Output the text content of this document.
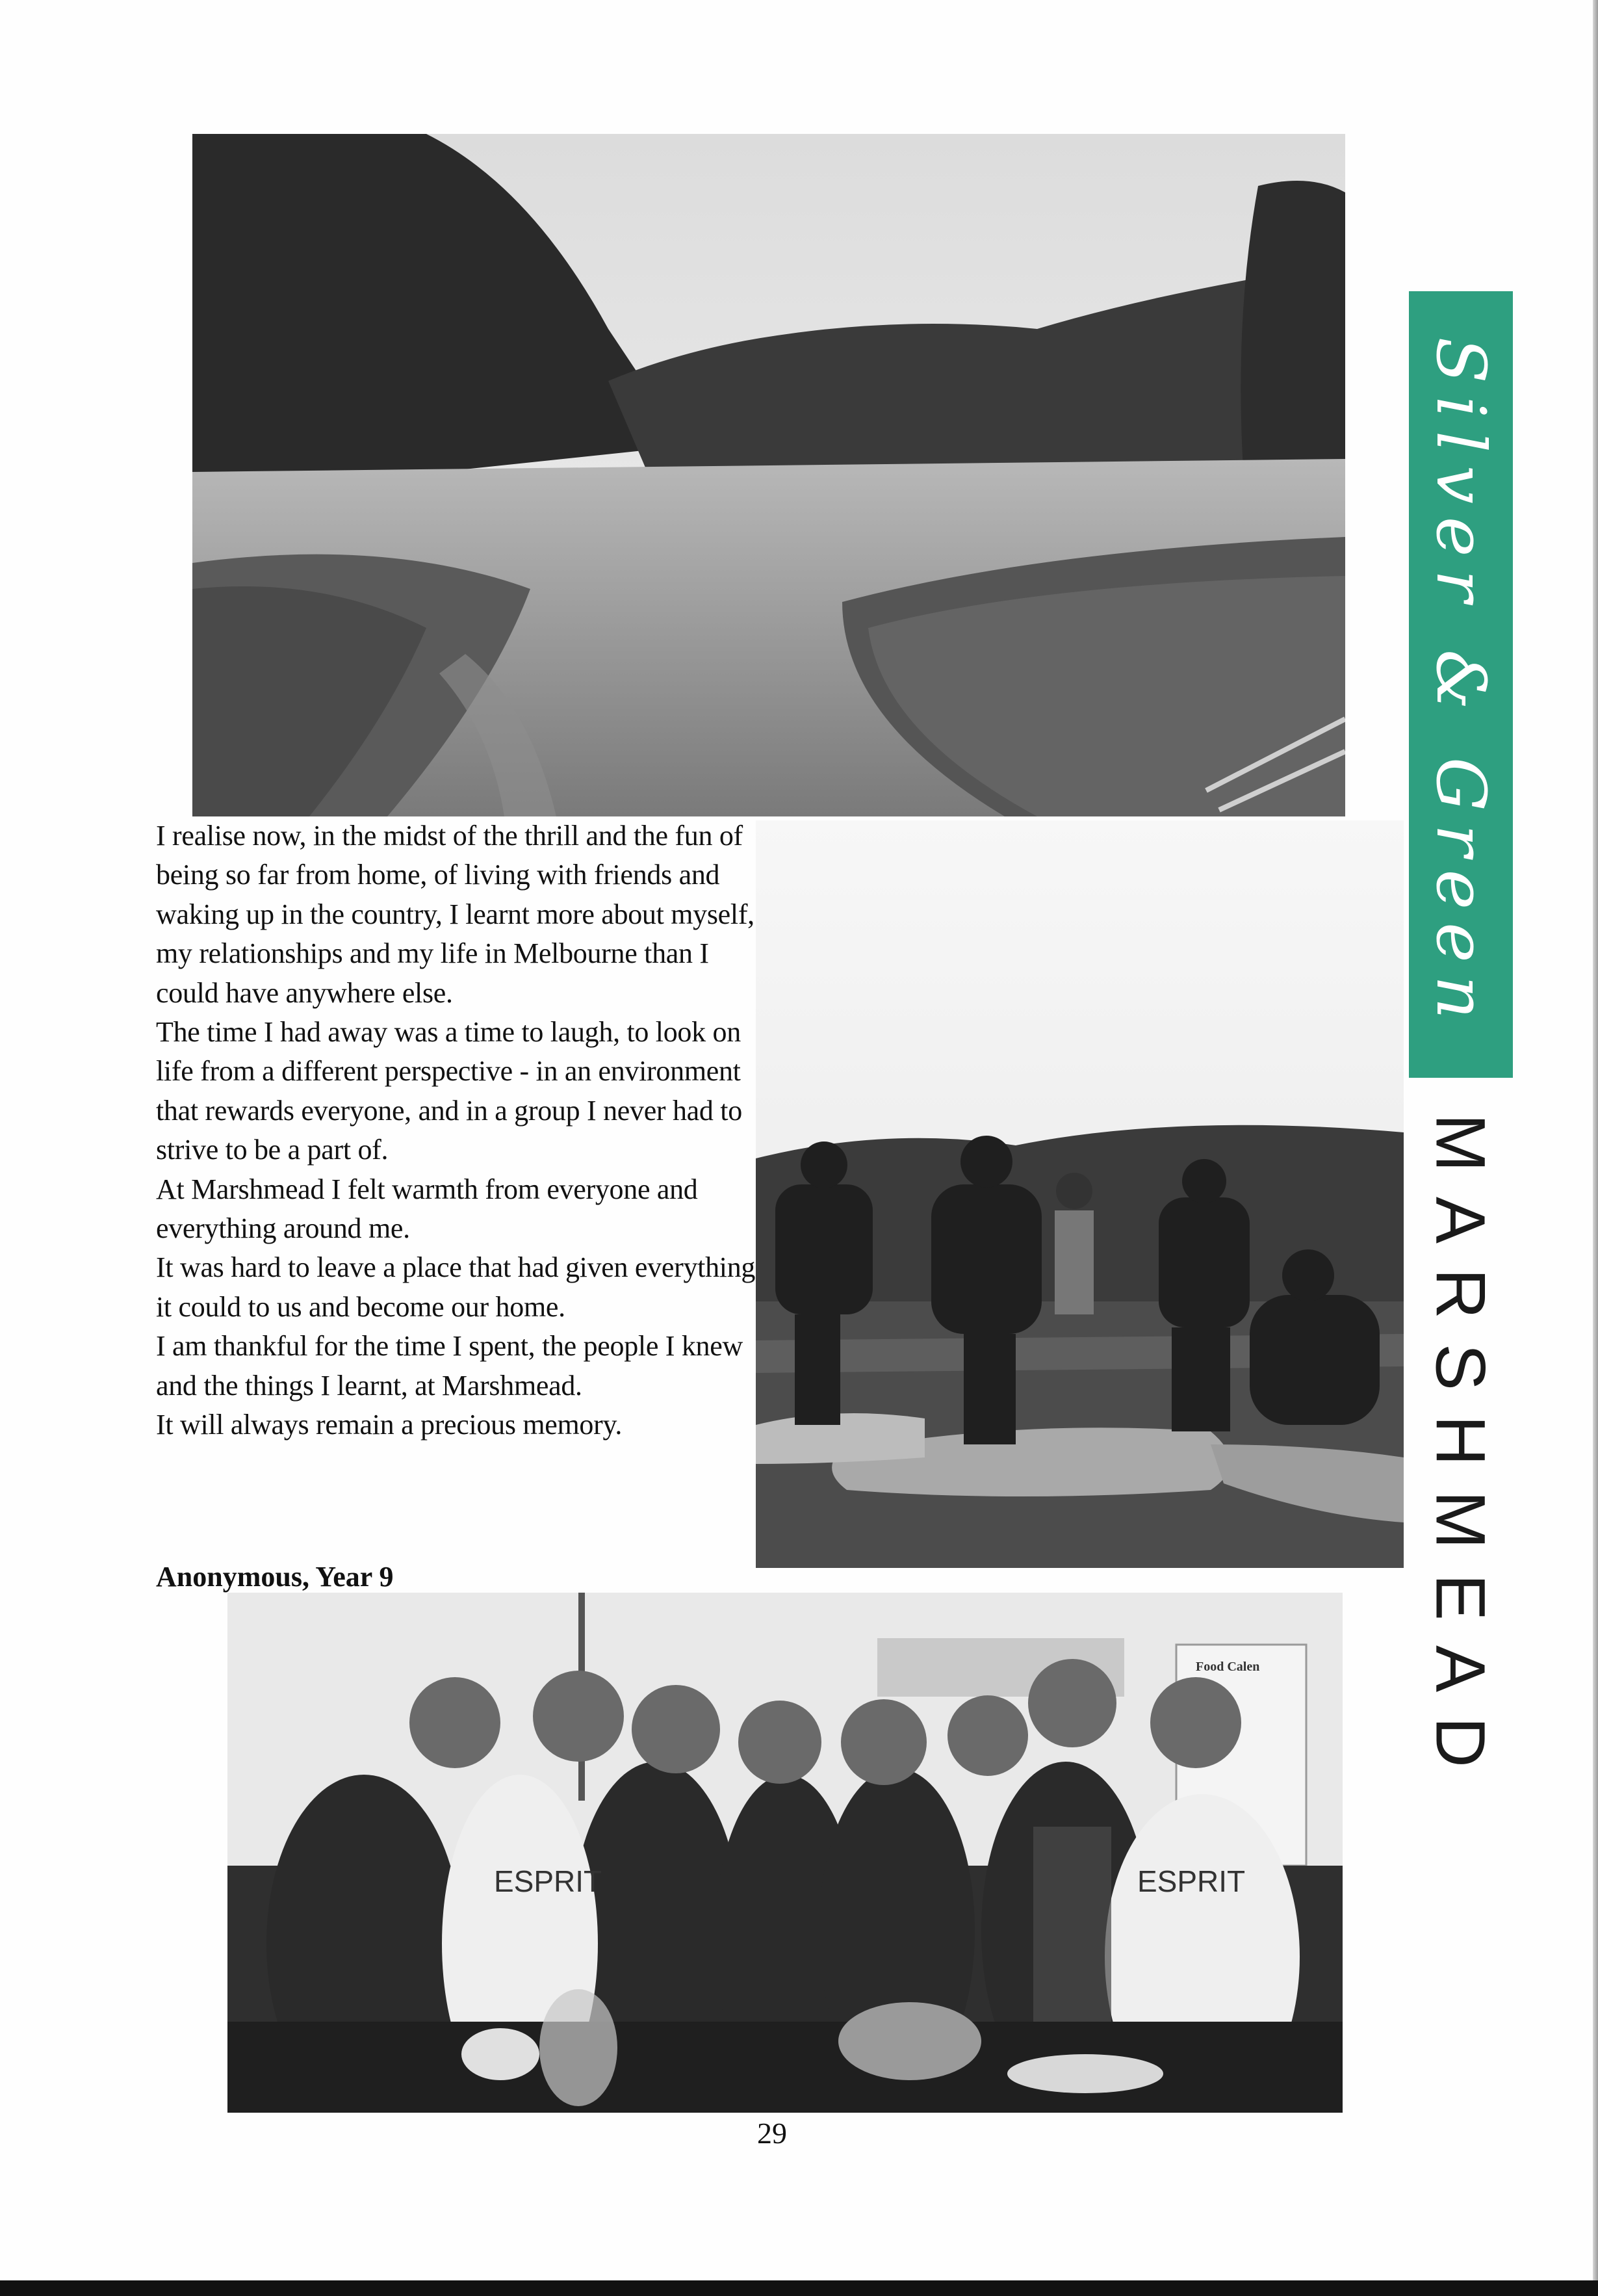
ESPRIT	ESPRIT
Food Calen

I realise now, in the midst of the thrill and the fun of being so far from home, of living with friends and waking up in the country, I learnt more about myself, my relationships and my life in Melbourne than I could have anywhere else.

The time I had away was a time to laugh, to look on life from a different perspective - in an environment that rewards everyone, and in a group I never had to strive to be a part of.

At Marshmead I felt warmth from everyone and everything around me.

It was hard to leave a place that had given everything it could to us and become our home.

I am thankful for the time I spent, the people I knew and the things I learnt, at Marshmead.

It will always remain a precious memory.

Anonymous, Year 9
Silver & Green
MARSHMEAD
29
